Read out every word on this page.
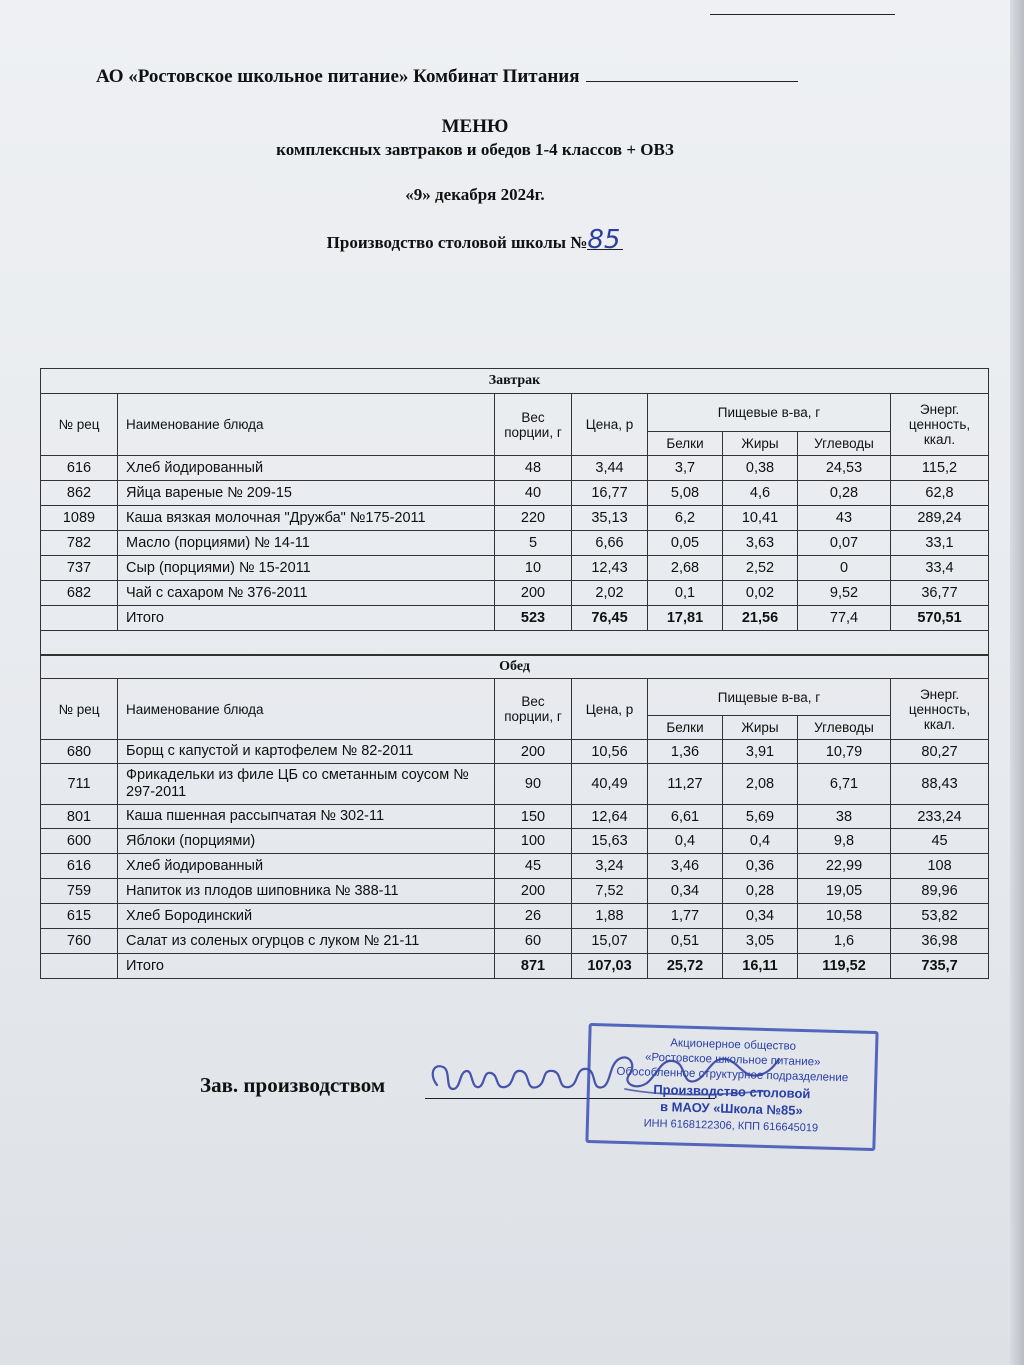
АО «Ростовское школьное питание» Комбинат Питания
МЕНЮ
комплексных завтраков и обедов 1-4 классов + ОВЗ
«9» декабря 2024г.
Производство столовой школы №85
Завтрак							
№ рец	Наименование блюда	Вес порции, г	Цена, р	Пищевые в-ва, г			Энерг. ценность, ккал.
				Белки	Жиры	Углеводы	
616	Хлеб йодированный	48	3,44	3,7	0,38	24,53	115,2
862	Яйца вареные № 209-15	40	16,77	5,08	4,6	0,28	62,8
1089	Каша вязкая молочная "Дружба" №175-2011	220	35,13	6,2	10,41	43	289,24
782	Масло (порциями) № 14-11	5	6,66	0,05	3,63	0,07	33,1
737	Сыр (порциями) № 15-2011	10	12,43	2,68	2,52	0	33,4
682	Чай с сахаром № 376-2011	200	2,02	0,1	0,02	9,52	36,77
	Итого	523	76,45	17,81	21,56	77,4	570,51

Обед							
№ рец	Наименование блюда	Вес порции, г	Цена, р	Пищевые в-ва, г			Энерг. ценность, ккал.
				Белки	Жиры	Углеводы	
680	Борщ с капустой и картофелем № 82-2011	200	10,56	1,36	3,91	10,79	80,27
711	Фрикадельки из филе ЦБ со сметанным соусом № 297-2011	90	40,49	11,27	2,08	6,71	88,43
801	Каша пшенная рассыпчатая № 302-11	150	12,64	6,61	5,69	38	233,24
600	Яблоки (порциями)	100	15,63	0,4	0,4	9,8	45
616	Хлеб йодированный	45	3,24	3,46	0,36	22,99	108
759	Напиток из плодов шиповника № 388-11	200	7,52	0,34	0,28	19,05	89,96
615	Хлеб Бородинский	26	1,88	1,77	0,34	10,58	53,82
760	Салат из соленых огурцов с луком № 21-11	60	15,07	0,51	3,05	1,6	36,98
	Итого	871	107,03	25,72	16,11	119,52	735,7
Зав. производством
Акционерное общество
«Ростовское школьное питание»
Обособленное структурное подразделение
Производство столовой
в МАОУ «Школа №85»
ИНН 6168122306, КПП 616645019
